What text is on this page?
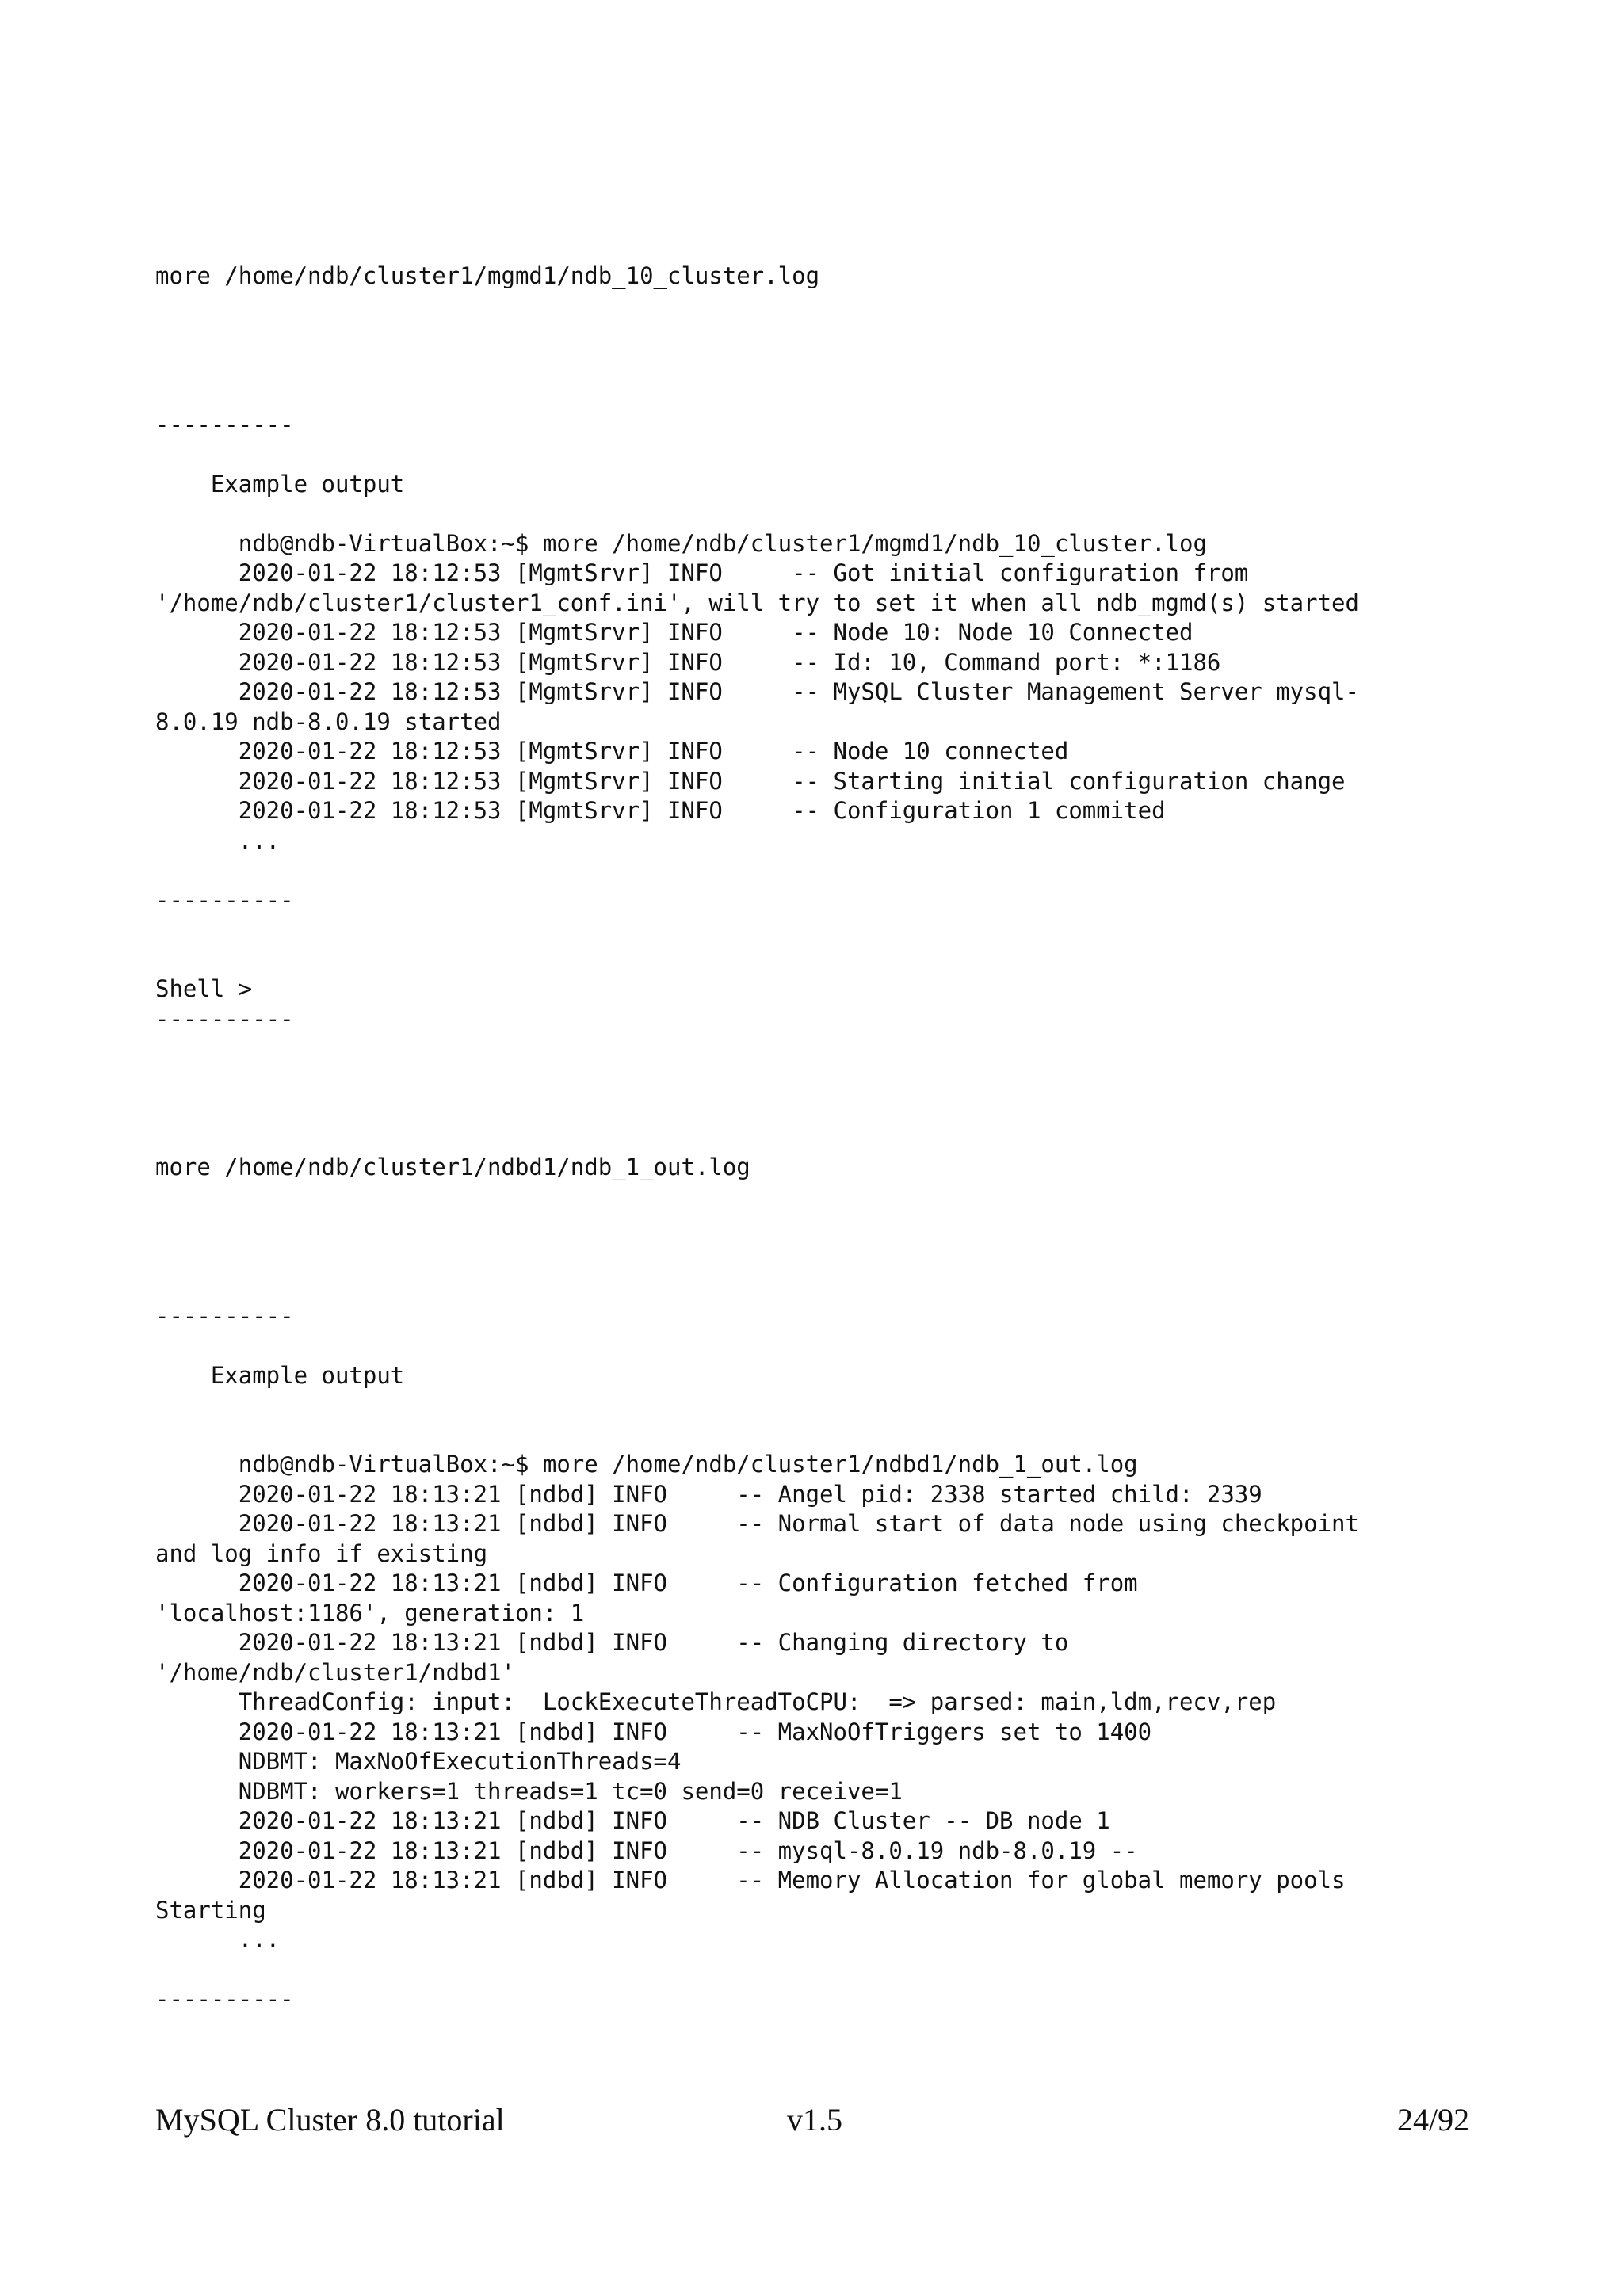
more /home/ndb/cluster1/mgmd1/ndb_10_cluster.log
----------
Example output
ndb@ndb-VirtualBox:~$ more /home/ndb/cluster1/mgmd1/ndb_10_cluster.log
2020-01-22 18:12:53 [MgmtSrvr] INFO     -- Got initial configuration from
'/home/ndb/cluster1/cluster1_conf.ini', will try to set it when all ndb_mgmd(s) started
2020-01-22 18:12:53 [MgmtSrvr] INFO     -- Node 10: Node 10 Connected
2020-01-22 18:12:53 [MgmtSrvr] INFO     -- Id: 10, Command port: *:1186
2020-01-22 18:12:53 [MgmtSrvr] INFO     -- MySQL Cluster Management Server mysql-
8.0.19 ndb-8.0.19 started
2020-01-22 18:12:53 [MgmtSrvr] INFO     -- Node 10 connected
2020-01-22 18:12:53 [MgmtSrvr] INFO     -- Starting initial configuration change
2020-01-22 18:12:53 [MgmtSrvr] INFO     -- Configuration 1 commited
...
----------
Shell >
----------
more /home/ndb/cluster1/ndbd1/ndb_1_out.log
----------
Example output
ndb@ndb-VirtualBox:~$ more /home/ndb/cluster1/ndbd1/ndb_1_out.log
2020-01-22 18:13:21 [ndbd] INFO     -- Angel pid: 2338 started child: 2339
2020-01-22 18:13:21 [ndbd] INFO     -- Normal start of data node using checkpoint
and log info if existing
2020-01-22 18:13:21 [ndbd] INFO     -- Configuration fetched from
'localhost:1186', generation: 1
2020-01-22 18:13:21 [ndbd] INFO     -- Changing directory to
'/home/ndb/cluster1/ndbd1'
ThreadConfig: input:  LockExecuteThreadToCPU:  => parsed: main,ldm,recv,rep
2020-01-22 18:13:21 [ndbd] INFO     -- MaxNoOfTriggers set to 1400
NDBMT: MaxNoOfExecutionThreads=4
NDBMT: workers=1 threads=1 tc=0 send=0 receive=1
2020-01-22 18:13:21 [ndbd] INFO     -- NDB Cluster -- DB node 1
2020-01-22 18:13:21 [ndbd] INFO     -- mysql-8.0.19 ndb-8.0.19 --
2020-01-22 18:13:21 [ndbd] INFO     -- Memory Allocation for global memory pools
Starting
...
----------
MySQL Cluster 8.0 tutorial	v1.5	24/92
